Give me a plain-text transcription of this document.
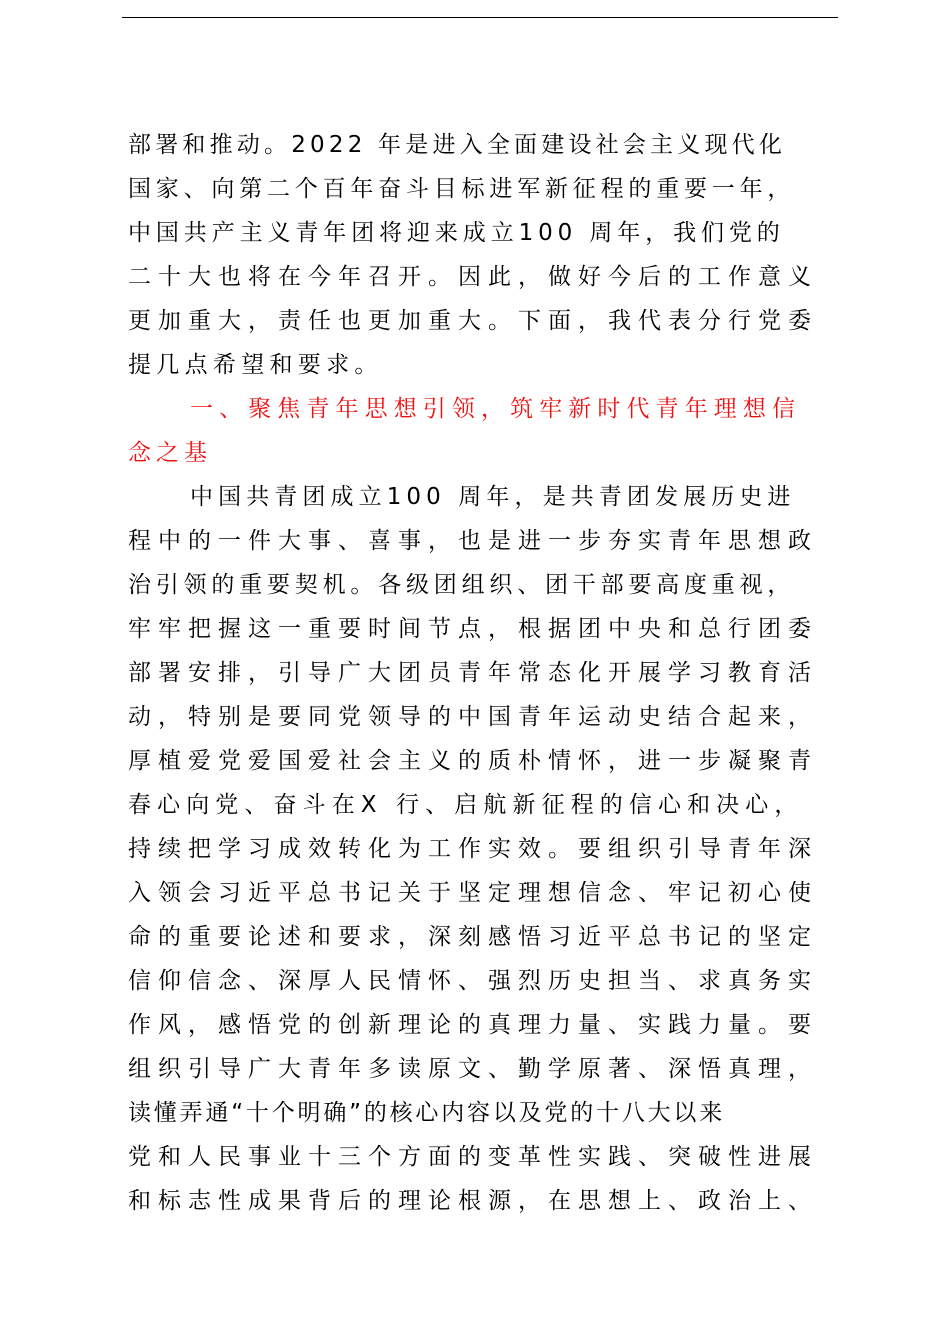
部署和推动。2022 年是进入全面建设社会主义现代化
国家、向第二个百年奋斗目标进军新征程的重要一年，
中国共产主义青年团将迎来成立100 周年，我们党的
二十大也将在今年召开。因此，做好今后的工作意义
更加重大，责任也更加重大。下面，我代表分行党委
提几点希望和要求。
一、聚焦青年思想引领，筑牢新时代青年理想信
念之基
中国共青团成立100 周年，是共青团发展历史进
程中的一件大事、喜事，也是进一步夯实青年思想政
治引领的重要契机。各级团组织、团干部要高度重视，
牢牢把握这一重要时间节点，根据团中央和总行团委
部署安排，引导广大团员青年常态化开展学习教育活
动，特别是要同党领导的中国青年运动史结合起来，
厚植爱党爱国爱社会主义的质朴情怀，进一步凝聚青
春心向党、奋斗在X 行、启航新征程的信心和决心，
持续把学习成效转化为工作实效。要组织引导青年深
入领会习近平总书记关于坚定理想信念、牢记初心使
命的重要论述和要求，深刻感悟习近平总书记的坚定
信仰信念、深厚人民情怀、强烈历史担当、求真务实
作风，感悟党的创新理论的真理力量、实践力量。要
组织引导广大青年多读原文、勤学原著、深悟真理，
读懂弄通“十个明确”的核心内容以及党的十八大以来
党和人民事业十三个方面的变革性实践、突破性进展
和标志性成果背后的理论根源，在思想上、政治上、
